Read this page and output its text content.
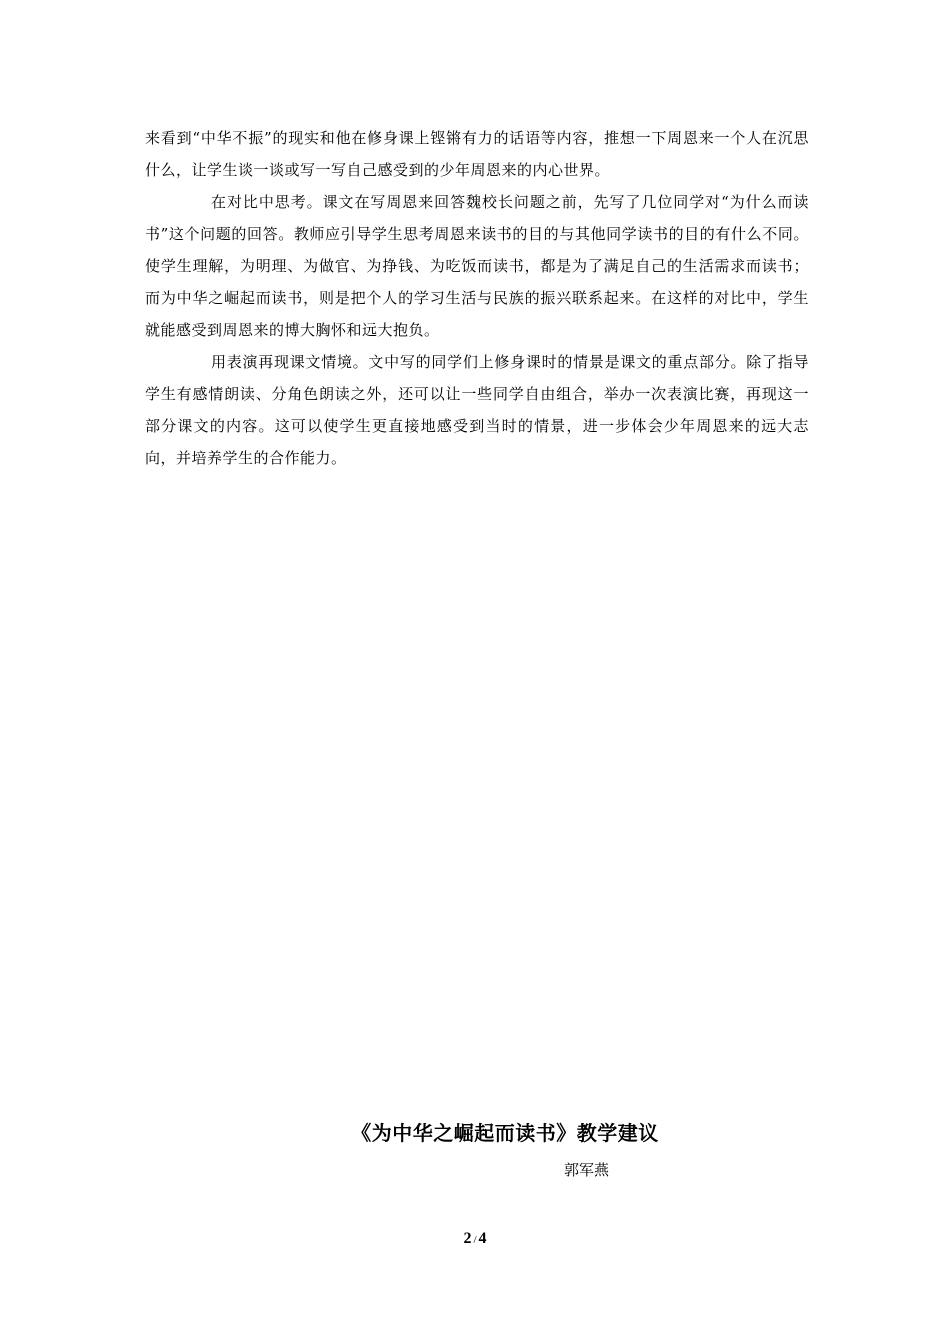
来看到“中华不振”的现实和他在修身课上铿锵有力的话语等内容，推想一下周恩来一个人在沉思什么，让学生谈一谈或写一写自己感受到的少年周恩来的内心世界。

在对比中思考。课文在写周恩来回答魏校长问题之前，先写了几位同学对“为什么而读书”这个问题的回答。教师应引导学生思考周恩来读书的目的与其他同学读书的目的有什么不同。使学生理解，为明理、为做官、为挣钱、为吃饭而读书，都是为了满足自己的生活需求而读书；而为中华之崛起而读书，则是把个人的学习生活与民族的振兴联系起来。在这样的对比中，学生就能感受到周恩来的博大胸怀和远大抱负。

用表演再现课文情境。文中写的同学们上修身课时的情景是课文的重点部分。除了指导学生有感情朗读、分角色朗读之外，还可以让一些同学自由组合，举办一次表演比赛，再现这一部分课文的内容。这可以使学生更直接地感受到当时的情景，进一步体会少年周恩来的远大志向，并培养学生的合作能力。

《为中华之崛起而读书》教学建议
郭军燕
2 / 4
